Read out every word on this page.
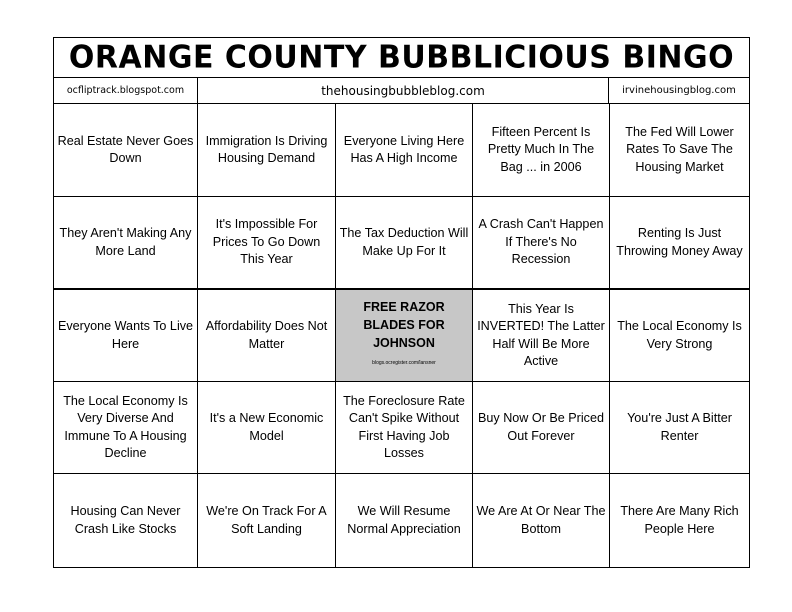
ORANGE COUNTY BUBBLICIOUS BINGO
ocfliptrack.blogspot.com	thehousingbubbleblog.com	irvinehousingblog.com
Real Estate Never Goes Down
Immigration Is Driving Housing Demand
Everyone Living Here Has A High Income
Fifteen Percent Is Pretty Much In The Bag ... in 2006
The Fed Will Lower Rates To Save The Housing Market
They Aren't Making Any More Land
It's Impossible For Prices To Go Down This Year
The Tax Deduction Will Make Up For It
A Crash Can't Happen If There's No Recession
Renting Is Just Throwing Money Away
Everyone Wants To Live Here
Affordability Does Not Matter
FREE RAZOR BLADES FOR JOHNSON
blogs.ocregister.com/lansner
This Year Is INVERTED! The Latter Half Will Be More Active
The Local Economy Is Very Strong
The Local Economy Is Very Diverse And Immune To A Housing Decline
It's a New Economic Model
The Foreclosure Rate Can't Spike Without First Having Job Losses
Buy Now Or Be Priced Out Forever
You're Just A Bitter Renter
Housing Can Never Crash Like Stocks
We're On Track For A Soft Landing
We Will Resume Normal Appreciation
We Are At Or Near The Bottom
There Are Many Rich People Here
